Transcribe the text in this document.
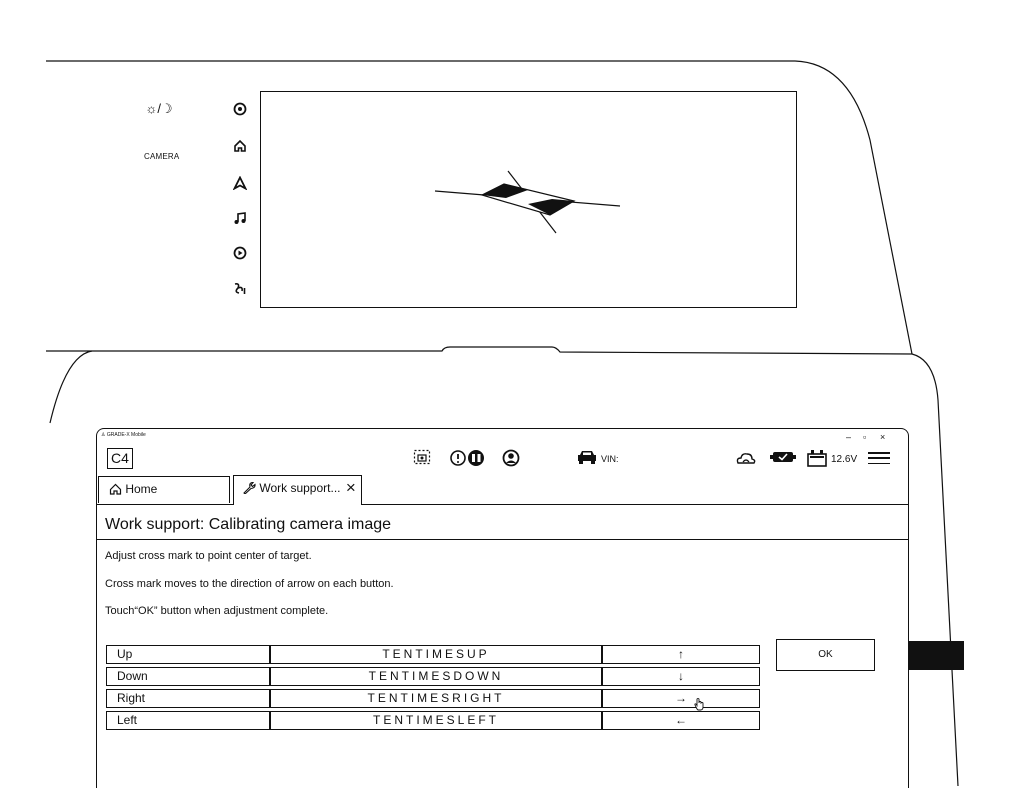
☼/☽
CAMERA
♙ GRADE-X Mobile	– ▫ ×
C4	VIN:	12.6V
Home	Work support... ×
Work support: Calibrating camera image
Adjust cross mark to point center of target.
Cross mark moves to the direction of arrow on each button.
Touch“OK” button when adjustment complete.
Up	TENTIMESUP	↑
Down	TENTIMESDOWN	↓
Right	TENTIMESRIGHT	→
Left	TENTIMESLEFT	←
OK
